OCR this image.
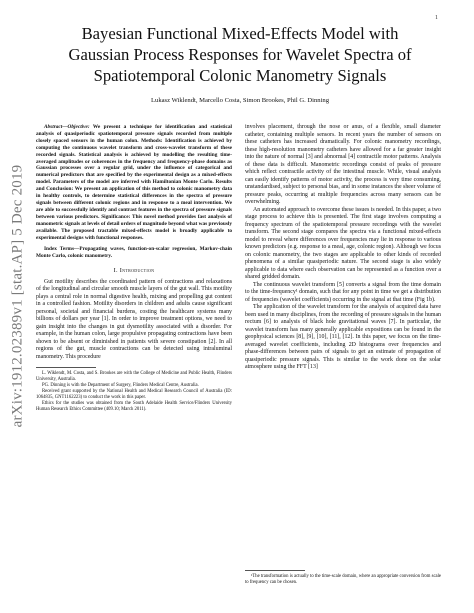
1
arXiv:1912.02389v1 [stat.AP] 5 Dec 2019
Bayesian Functional Mixed-Effects Model with
Gaussian Process Responses for Wavelet Spectra of
Spatiotemporal Colonic Manometry Signals
Lukasz Wiklendt, Marcello Costa, Simon Brookes, Phil G. Dinning

Abstract—Objective: We present a technique for identification and statistical analysis of quasiperiodic spatiotemporal pressure signals recorded from multiple closely spaced sensors in the human colon. Methods: Identification is achieved by computing the continuous wavelet transform and cross-wavelet transform of these recorded signals. Statistical analysis is achieved by modelling the resulting time-averaged amplitudes or coherences in the frequency and frequency-phase domains as Gaussian processes over a regular grid, under the influence of categorical and numerical predictors that are specified by the experimental design as a mixed-effects model. Parameters of the model are inferred with Hamiltonian Monte Carlo. Results and Conclusion: We present an application of this method to colonic manometry data in healthy controls, to determine statistical differences in the spectra of pressure signals between different colonic regions and in response to a meal intervention. We are able to successfully identify and contrast features in the spectra of pressure signals between various predictors. Significance: This novel method provides fast analysis of manometric signals at levels of detail orders of magnitude beyond what was previously available. The proposed tractable mixed-effects model is broadly applicable to experimental designs with functional responses.

Index Terms—Propagating waves, function-on-scalar regression, Markov-chain Monte Carlo, colonic manometry.
I. Introduction

Gut motility describes the coordinated pattern of contractions and relaxations of the longitudinal and circular smooth muscle layers of the gut wall. This motility plays a central role in normal digestive health, mixing and propelling gut content in a controlled fashion. Motility disorders in children and adults cause significant personal, societal and financial burdens, costing the healthcare systems many billions of dollars per year [1]. In order to improve treatment options, we need to gain insight into the changes in gut dysmotility associated with a disorder. For example, in the human colon, large propulsive propagating contractions have been shown to be absent or diminished in patients with severe constipation [2]. In all regions of the gut, muscle contractions can be detected using intraluminal manometry. This procedure

L. Wiklendt, M. Costa, and S. Brookes are with the College of Medicine and Public Health, Flinders University, Australia.

PG. Dinning is with the Department of Surgery, Flinders Medical Centre, Australia.

Received grant supported by the National Health and Medical Research Council of Australia (ID: 1064835, GNT1162223) to conduct the work in this paper.

Ethics for the studies was obtained from the South Adelaide Health Service/Flinders University Human Research Ethics Committee (409.10; March 2011).

involves placement, through the nose or anus, of a flexible, small diameter catheter, containing multiple sensors. In recent years the number of sensors on these catheters has increased dramatically. For colonic manometry recordings, these high-resolution manometry catheters have allowed for a far greater insight into the nature of normal [3] and abnormal [4] contractile motor patterns. Analysis of these data is difficult. Manometric recordings consist of peaks of pressure which reflect contractile activity of the intestinal muscle. While, visual analysis can easily identify patterns of motor activity, the process is very time consuming, unstandardised, subject to personal bias, and in some instances the sheer volume of pressure peaks, occurring at multiple frequencies across many sensors can be overwhelming.

An automated approach to overcome these issues is needed. In this paper, a two stage process to achieve this is presented. The first stage involves computing a frequency spectrum of the spatiotemporal pressure recordings with the wavelet transform. The second stage compares the spectra via a functional mixed-effects model to reveal where differences over frequencies may lie in response to various known predictors (e.g. response to a meal, age, colonic region). Although we focus on colonic manometry, the two stages are applicable to other kinds of recorded phenomena of a similar quasiperiodic nature. The second stage is also widely applicable to data where each observation can be represented as a function over a shared gridded domain.

The continuous wavelet transform [5] converts a signal from the time domain to the time-frequency¹ domain, such that for any point in time we get a distribution of frequencies (wavelet coefficients) occurring in the signal at that time (Fig 1b).

The application of the wavelet transform for the analysis of acquired data have been used in many disciplines, from the recording of pressure signals in the human rectum [6] to analysis of black hole gravitational waves [7]. In particular, the wavelet transform has many generally applicable expositions can be found in the geophysical sciences [8], [9], [10], [11], [12]. In this paper, we focus on the time-averaged wavelet coefficients, including 2D histograms over frequencies and phase-differences between pairs of signals to get an estimate of propagation of quasiperiodic pressure signals. This is similar to the work done on the solar atmosphere using the FFT [13]

¹The transformation is actually to the time-scale domain, where an appropriate conversion from scale to frequency can be chosen.
